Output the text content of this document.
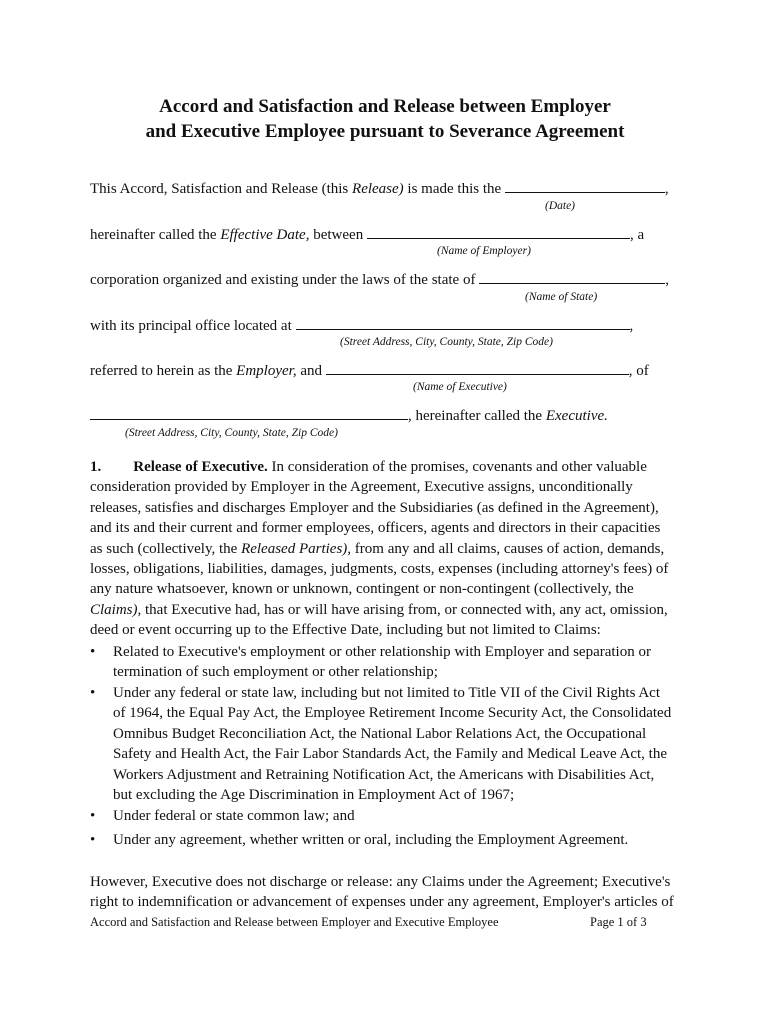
Accord and Satisfaction and Release between Employer
and Executive Employee pursuant to Severance Agreement
This Accord, Satisfaction and Release (this Release) is made this the	,
(Date)
hereinafter called the Effective Date, between	, a
(Name of Employer)
corporation organized and existing under the laws of the state of	,
(Name of State)
with its principal office located at	,
(Street Address, City, County, State, Zip Code)
referred to herein as the Employer, and	, of
(Name of Executive)
, hereinafter called the Executive.
(Street Address, City, County, State, Zip Code)
1. Release of Executive. In consideration of the promises, covenants and other valuable
consideration provided by Employer in the Agreement, Executive assigns, unconditionally
releases, satisfies and discharges Employer and the Subsidiaries (as defined in the Agreement),
and its and their current and former employees, officers, agents and directors in their capacities
as such (collectively, the Released Parties), from any and all claims, causes of action, demands,
losses, obligations, liabilities, damages, judgments, costs, expenses (including attorney's fees) of
any nature whatsoever, known or unknown, contingent or non-contingent (collectively, the
Claims), that Executive had, has or will have arising from, or connected with, any act, omission,
deed or event occurring up to the Effective Date, including but not limited to Claims:
•	Related to Executive's employment or other relationship with Employer and separation or
termination of such employment or other relationship;
•	Under any federal or state law, including but not limited to Title VII of the Civil Rights Act
of 1964, the Equal Pay Act, the Employee Retirement Income Security Act, the Consolidated
Omnibus Budget Reconciliation Act, the National Labor Relations Act, the Occupational
Safety and Health Act, the Fair Labor Standards Act, the Family and Medical Leave Act, the
Workers Adjustment and Retraining Notification Act, the Americans with Disabilities Act,
but excluding the Age Discrimination in Employment Act of 1967;
•	Under federal or state common law; and
•	Under any agreement, whether written or oral, including the Employment Agreement.
However, Executive does not discharge or release: any Claims under the Agreement; Executive's
right to indemnification or advancement of expenses under any agreement, Employer's articles of
Accord and Satisfaction and Release between Employer and Executive Employee	Page 1 of 3
